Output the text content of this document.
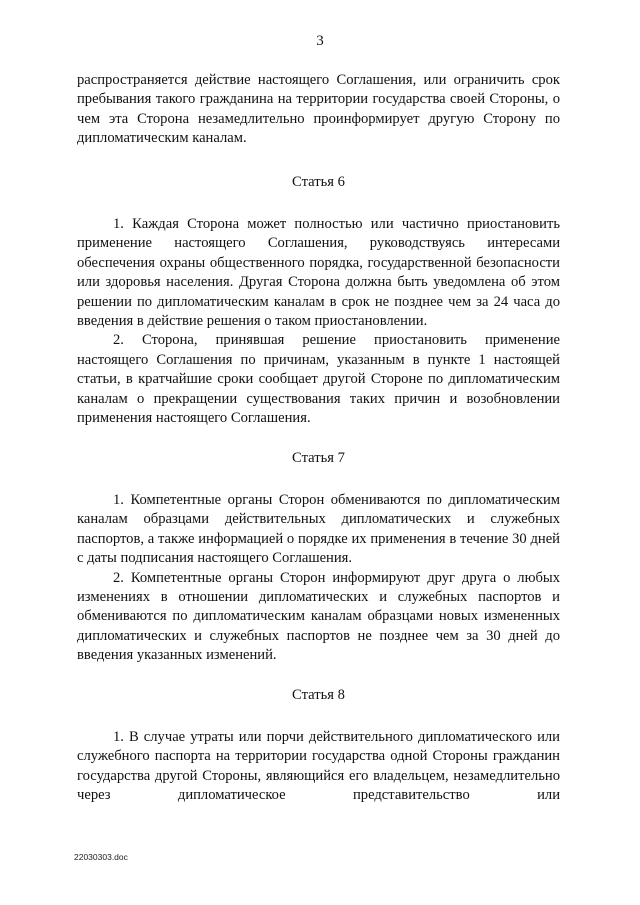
3

распространяется действие настоящего Соглашения, или ограничить срок пребывания такого гражданина на территории государства своей Стороны, о чем эта Сторона незамедлительно проинформирует другую Сторону по дипломатическим каналам.

Статья 6

1. Каждая Сторона может полностью или частично приостановить применение настоящего Соглашения, руководствуясь интересами обеспечения охраны общественного порядка, государственной безопасности или здоровья населения. Другая Сторона должна быть уведомлена об этом решении по дипломатическим каналам в срок не позднее чем за 24 часа до введения в действие решения о таком приостановлении.

2. Сторона, принявшая решение приостановить применение настоящего Соглашения по причинам, указанным в пункте 1 настоящей статьи, в кратчайшие сроки сообщает другой Стороне по дипломатическим каналам о прекращении существования таких причин и возобновлении применения настоящего Соглашения.

Статья 7

1. Компетентные органы Сторон обмениваются по дипломатическим каналам образцами действительных дипломатических и служебных паспортов, а также информацией о порядке их применения в течение 30 дней с даты подписания настоящего Соглашения.

2. Компетентные органы Сторон информируют друг друга о любых изменениях в отношении дипломатических и служебных паспортов и обмениваются по дипломатическим каналам образцами новых измененных дипломатических и служебных паспортов не позднее чем за 30 дней до введения указанных изменений.

Статья 8

1. В случае утраты или порчи действительного дипломатического или служебного паспорта на территории государства одной Стороны гражданин государства другой Стороны, являющийся его владельцем, незамедлительно через дипломатическое представительство или

22030303.doc
